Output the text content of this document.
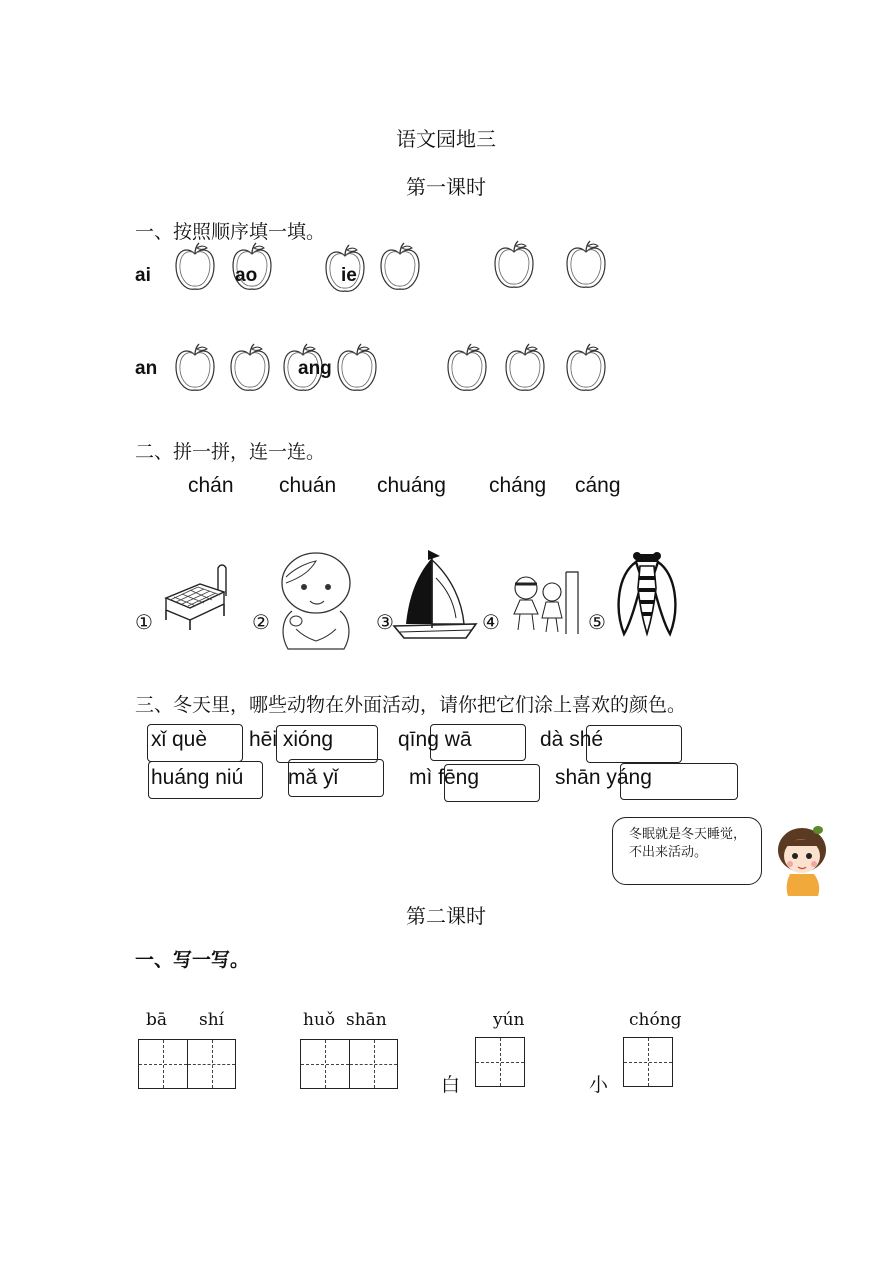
语文园地三
第一课时
一、按照顺序填一填。
ai	ao	ie
an	ang
二、拼一拼，连一连。
chán chuán chuáng cháng cáng
①	②	③	④	⑤
三、冬天里，哪些动物在外面活动，请你把它们涂上喜欢的颜色。
xǐ què hēi xióng	qīng wā	dà shé
huáng niú mǎ yǐ	mì fēng	shān yáng
冬眠就是冬天睡觉，不出来活动。
第二课时
一、写一写。
bā shí	huǒ shān
白
yún
小
chóng
